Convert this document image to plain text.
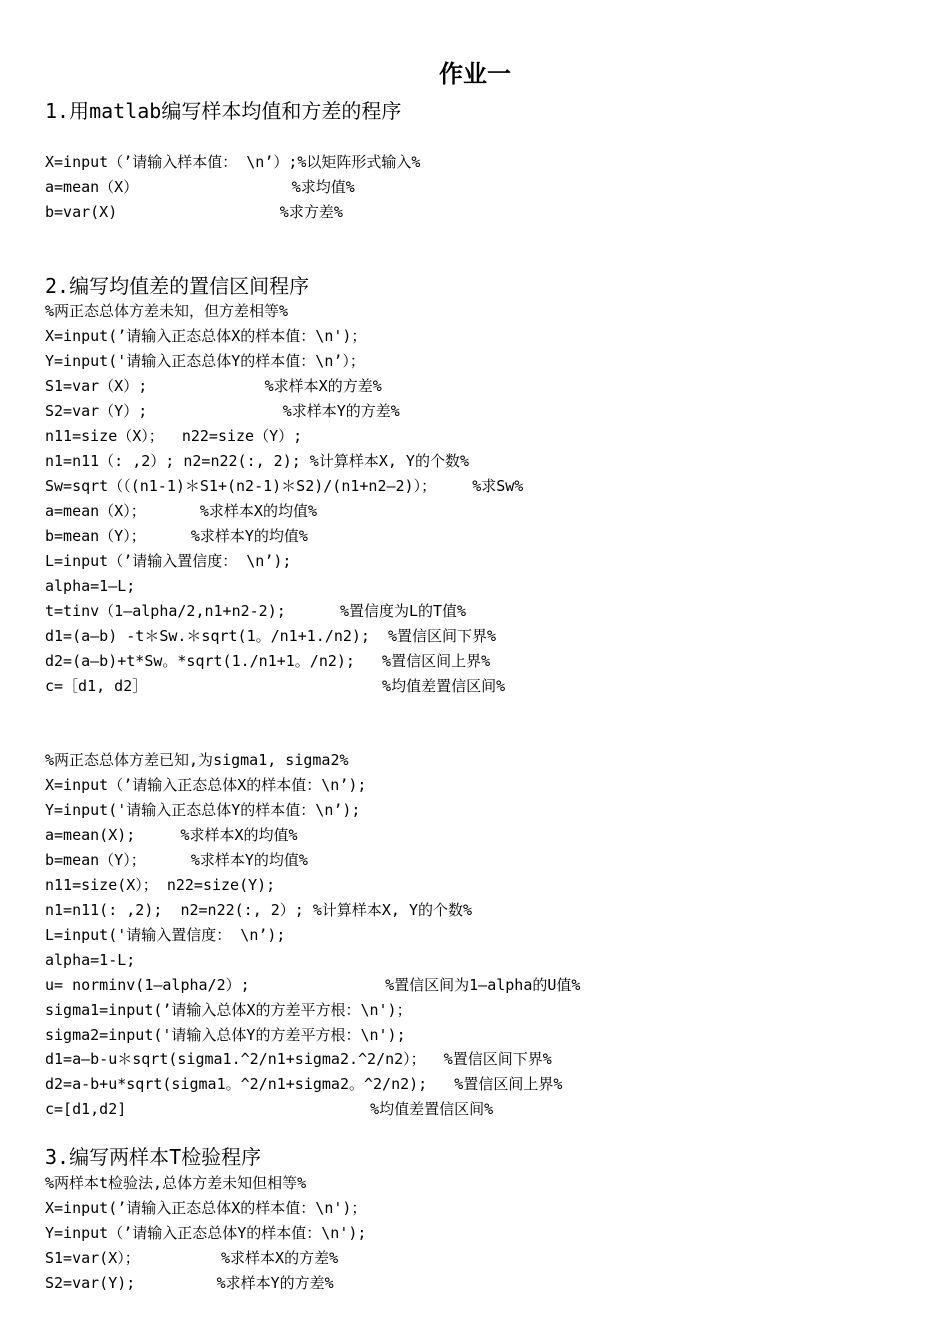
作业一
1.用matlab编写样本均值和方差的程序
X=input（’请输入样本值： \n’）;%以矩阵形式输入%
a=mean（X）                 %求均值%
b=var(X)                  %求方差%
2.编写均值差的置信区间程序
%两正态总体方差未知，但方差相等%
X=input(’请输入正态总体X的样本值：\n')；
Y=input('请输入正态总体Y的样本值：\n’）；
S1=var（X）;             %求样本X的方差%
S2=var（Y）;               %求样本Y的方差%
n11=size（X）；  n22=size（Y）;
n1=n11（: ,2）; n2=n22(:, 2); %计算样本X, Y的个数%
Sw=sqrt（（(n1-1)＊S1+(n2-1)＊S2)/(n1+n2—2)）；    %求Sw%
a=mean（X）；      %求样本X的均值%
b=mean（Y）；     %求样本Y的均值%
L=input（’请输入置信度： \n’);
alpha=1—L;
t=tinv（1—alpha/2,n1+n2-2);      %置信度为L的T值%
d1=(a—b) -t＊Sw.＊sqrt(1。/n1+1./n2);  %置信区间下界%
d2=(a—b)+t*Sw。*sqrt(1./n1+1。/n2);   %置信区间上界%
c=［d1, d2］                          %均值差置信区间%
%两正态总体方差已知,为sigma1, sigma2%
X=input（’请输入正态总体X的样本值：\n’);
Y=input('请输入正态总体Y的样本值：\n’);
a=mean(X);     %求样本X的均值%
b=mean（Y）；     %求样本Y的均值%
n11=size(X）； n22=size(Y);
n1=n11(: ,2);  n2=n22(:, 2）; %计算样本X, Y的个数%
L=input('请输入置信度： \n’);
alpha=1-L;
u= norminv(1—alpha/2）;               %置信区间为1—alpha的U值%
sigma1=input(’请输入总体X的方差平方根：\n')；
sigma2=input('请输入总体Y的方差平方根：\n');
d1=a—b-u＊sqrt(sigma1.^2/n1+sigma2.^2/n2）；  %置信区间下界%
d2=a-b+u*sqrt(sigma1。^2/n1+sigma2。^2/n2);   %置信区间上界%
c=[d1,d2]                           %均值差置信区间%
3.编写两样本T检验程序
%两样本t检验法,总体方差未知但相等%
X=input(’请输入正态总体X的样本值：\n')；
Y=input（’请输入正态总体Y的样本值：\n');
S1=var(X）；         %求样本X的方差%
S2=var(Y);         %求样本Y的方差%
